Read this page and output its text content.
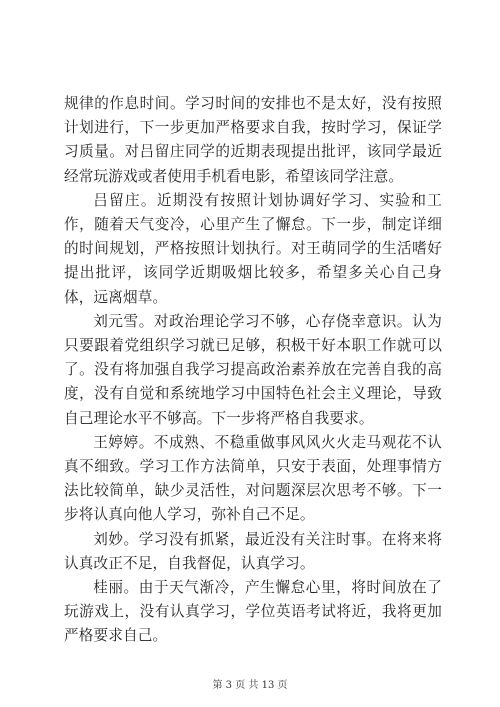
规律的作息时间。学习时间的安排也不是太好，没有按照计划进行，下一步更加严格要求自我，按时学习，保证学习质量。对吕留庄同学的近期表现提出批评，该同学最近经常玩游戏或者使用手机看电影，希望该同学注意。

吕留庄。近期没有按照计划协调好学习、实验和工作，随着天气变冷，心里产生了懈怠。下一步，制定详细的时间规划，严格按照计划执行。对王萌同学的生活嗜好提出批评，该同学近期吸烟比较多，希望多关心自己身体，远离烟草。

刘元雪。对政治理论学习不够，心存侥幸意识。认为只要跟着党组织学习就已足够，积极干好本职工作就可以了。没有将加强自我学习提高政治素养放在完善自我的高度，没有自觉和系统地学习中国特色社会主义理论，导致自己理论水平不够高。下一步将严格自我要求。

王婷婷。不成熟、不稳重做事风风火火走马观花不认真不细致。学习工作方法简单，只安于表面，处理事情方法比较简单，缺少灵活性，对问题深层次思考不够。下一步将认真向他人学习，弥补自己不足。

刘妙。学习没有抓紧，最近没有关注时事。在将来将认真改正不足，自我督促，认真学习。

桂丽。由于天气渐冷，产生懈怠心里，将时间放在了玩游戏上，没有认真学习，学位英语考试将近，我将更加严格要求自己。

第 3 页 共 13 页
